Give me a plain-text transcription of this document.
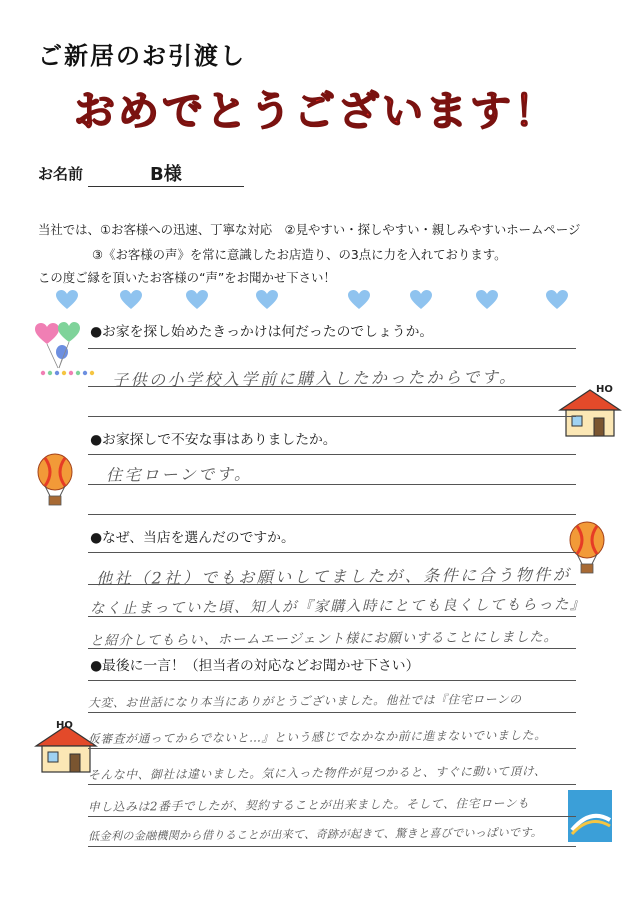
ご新居のお引渡し
おめでとうございます！
お名前	B様
当社では、①お客様への迅速、丁寧な対応　②見やすい・探しやすい・親しみやすいホームページ
③《お客様の声》を常に意識したお店造り、の3点に力を入れております。
この度ご縁を頂いたお客様の“声”をお聞かせ下さい！
HO
HO
●お家を探し始めたきっかけは何だったのでしょうか。
子供の小学校入学前に購入したかったからです。
●お家探しで不安な事はありましたか。
住宅ローンです。
●なぜ、当店を選んだのですか。
他社（2社）でもお願いしてましたが、条件に合う物件が
なく止まっていた頃、知人が『家購入時にとても良くしてもらった』
と紹介してもらい、ホームエージェント様にお願いすることにしました。
●最後に一言！（担当者の対応などお聞かせ下さい）
大変、お世話になり本当にありがとうございました。他社では『住宅ローンの
仮審査が通ってからでないと…』という感じでなかなか前に進まないでいました。
そんな中、御社は違いました。気に入った物件が見つかると、すぐに動いて頂け、
申し込みは2番手でしたが、契約することが出来ました。そして、住宅ローンも
低金利の金融機関から借りることが出来て、奇跡が起きて、驚きと喜びでいっぱいです。
